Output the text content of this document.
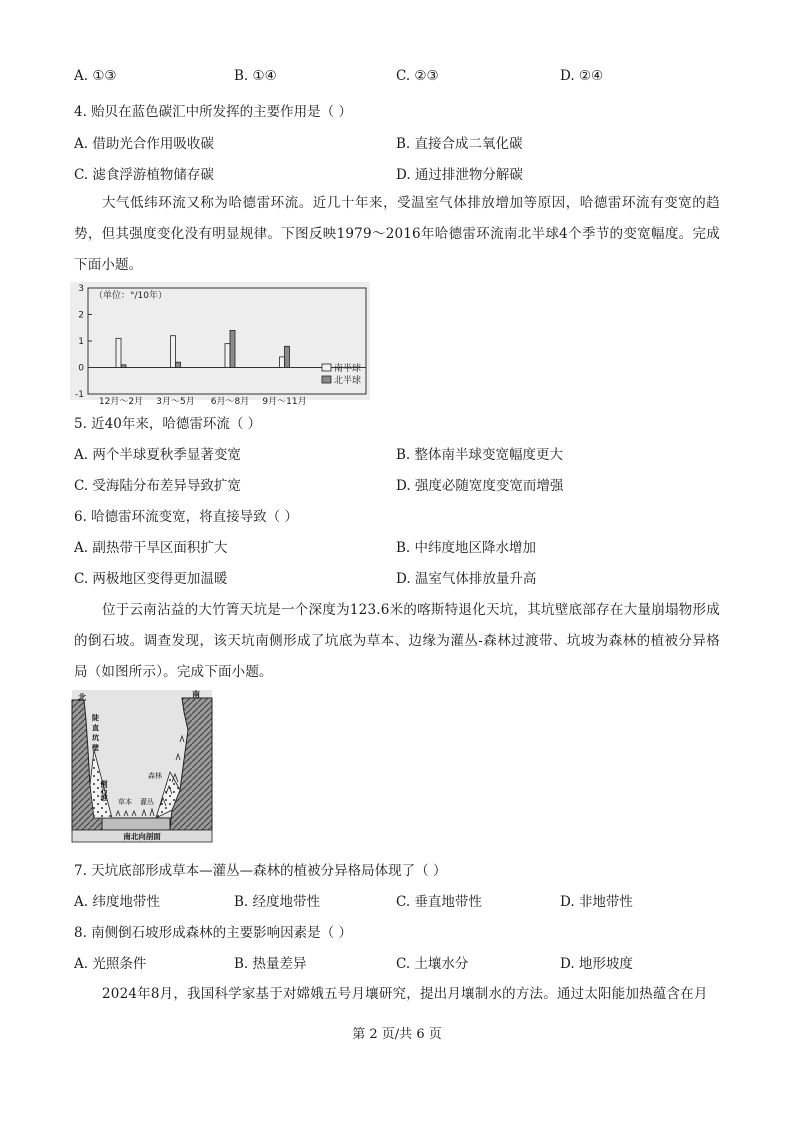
A. ①③	B. ①④	C. ②③	D. ②④
4. 贻贝在蓝色碳汇中所发挥的主要作用是（ ）
A. 借助光合作用吸收碳	B. 直接合成二氧化碳
C. 滤食浮游植物储存碳	D. 通过排泄物分解碳
大气低纬环流又称为哈德雷环流。近几十年来，受温室气体排放增加等原因，哈德雷环流有变宽的趋势，但其强度变化没有明显规律。下图反映1979～2016年哈德雷环流南北半球4个季节的变宽幅度。完成下面小题。
3
2
1
0
-1
（单位：°/10年）
12月～2月 3月～5月 6月～8月 9月～11月
南半球
北半球
5. 近40年来，哈德雷环流（ ）
A. 两个半球夏秋季显著变宽	B. 整体南半球变宽幅度更大
C. 受海陆分布差异导致扩宽	D. 强度必随宽度变宽而增强
6. 哈德雷环流变宽，将直接导致（ ）
A. 副热带干旱区面积扩大	B. 中纬度地区降水增加
C. 两极地区变得更加温暖	D. 温室气体排放量升高
位于云南沾益的大竹箐天坑是一个深度为123.6米的喀斯特退化天坑，其坑壁底部存在大量崩塌物形成的倒石坡。调查发现，该天坑南侧形成了坑底为草本、边缘为灌丛-森林过渡带、坑坡为森林的植被分异格局（如图所示）。完成下面小题。
北	南
陡
直
坑
壁
倒石堆
森林
草本 灌丛
南北向剖面
7. 天坑底部形成草本—灌丛—森林的植被分异格局体现了（ ）
A. 纬度地带性	B. 经度地带性	C. 垂直地带性	D. 非地带性
8. 南侧倒石坡形成森林的主要影响因素是（ ）
A. 光照条件	B. 热量差异	C. 土壤水分	D. 地形坡度
2024年8月，我国科学家基于对嫦娥五号月壤研究，提出月壤制水的方法。通过太阳能加热蕴含在月
第 2 页/共 6 页
